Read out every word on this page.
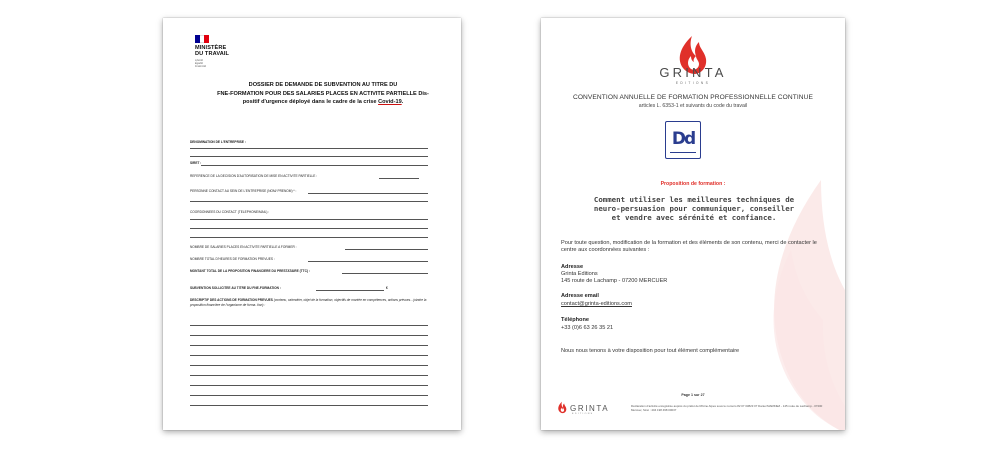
MINISTÈRE
DU TRAVAIL
Liberté
Égalité
Fraternité
DOSSIER DE DEMANDE DE SUBVENTION AU TITRE DU
FNE-FORMATION POUR DES SALARIES PLACES EN ACTIVITE PARTIELLE Dis-
positif d'urgence déployé dans le cadre de la crise Covid-19.
DENOMINATION DE L'ENTREPRISE :
SIRET :
REFERENCE DE LA DECISION D'AUTORISATION DE MISE EN ACTIVITE PARTIELLE :
PERSONNE CONTACT AU SEIN DE L'ENTREPRISE (NOM/ PRENOM) * :
COORDONNEES DU CONTACT (TELEPHONE/MAIL) :
NOMBRE DE SALARIES PLACES EN ACTIVITE PARTIELLE A FORMER :
NOMBRE TOTAL D'HEURES DE FORMATION PREVUES :
MONTANT TOTAL DE LA PROPOSITION FINANCIERE DU PRESTATAIRE (TTC) :
SUBVENTION SOLLICITEE AU TITRE DU FNE-FORMATION :	€
DESCRIPTIF DES ACTIONS DE FORMATION PREVUES (contenu, calendrier, objet de la formation, objectifs de montée en compétences, actions prévues…joindre la proposition financière de l'organisme de forma- tion) :
GRINTA
EDITIONS
CONVENTION ANNUELLE DE FORMATION PROFESSIONNELLE CONTINUE
articles L. 6353-1 et suivants du code du travail
Dd
Proposition de formation :
Comment utiliser les meilleures techniques de neuro-persuasion pour communiquer, conseiller et vendre avec sérénité et confiance.
Pour toute question, modification de la formation et des éléments de son contenu, merci de contacter le centre aux coordonnées suivantes :
Adresse
Grinta Editions
145 route de Lachamp - 07200 MERCUER
Adresse email
contact@grinta-editions.com
Téléphone
+33 (0)6 63 26 35 21
Nous nous tenons à votre disposition pour tout élément complémentaire
Page 1 sur 27
GRINTA
EDITIONS
Déclaration d'activité enregistrée auprès du préfet de Rhône Alpes sous le numéro 82 07 03823 07 Daniel MARINEZ - 145 route de Lachamp - 07200 Mercuer, Siret : 404 198 498 00037
